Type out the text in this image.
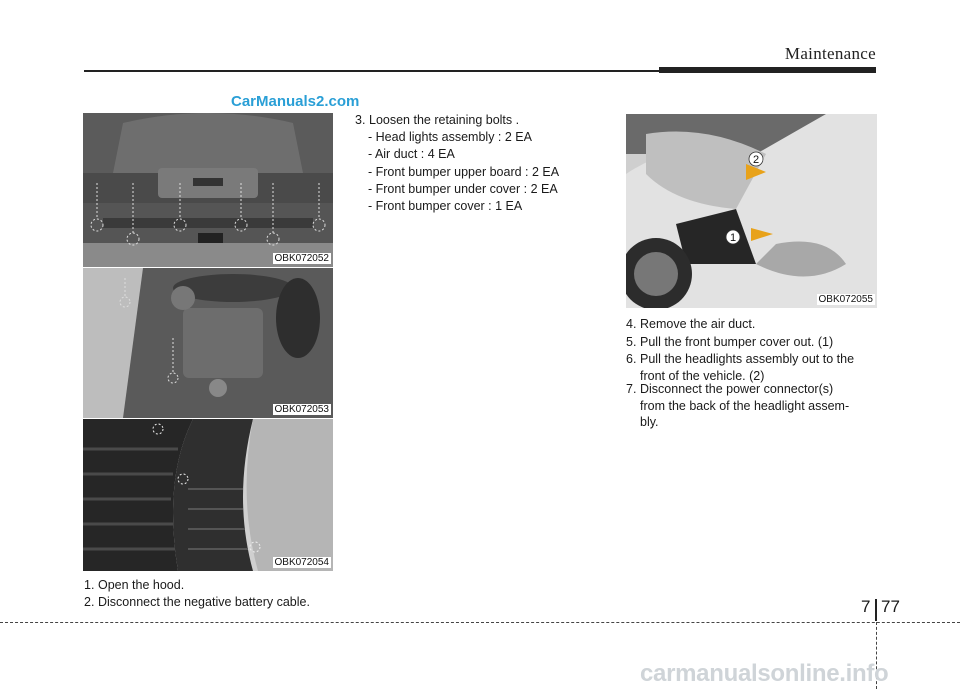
Maintenance
OBK072052
OBK072053
OBK072054
1
2
OBK072055
CarManuals2.com
1. Open the hood.
2. Disconnect the negative battery cable.
3. Loosen the retaining bolts .
- Head lights assembly : 2 EA
- Air duct : 4 EA
- Front bumper upper board : 2 EA
- Front bumper under cover : 2 EA
- Front bumper cover : 1 EA
4. Remove the air duct.
5. Pull the front bumper cover out. (1)
6. Pull the headlights assembly out to the
front of the vehicle. (2)
7. Disconnect the power connector(s)
from the back of the headlight assem-
bly.
7 77
carmanualsonline.info
